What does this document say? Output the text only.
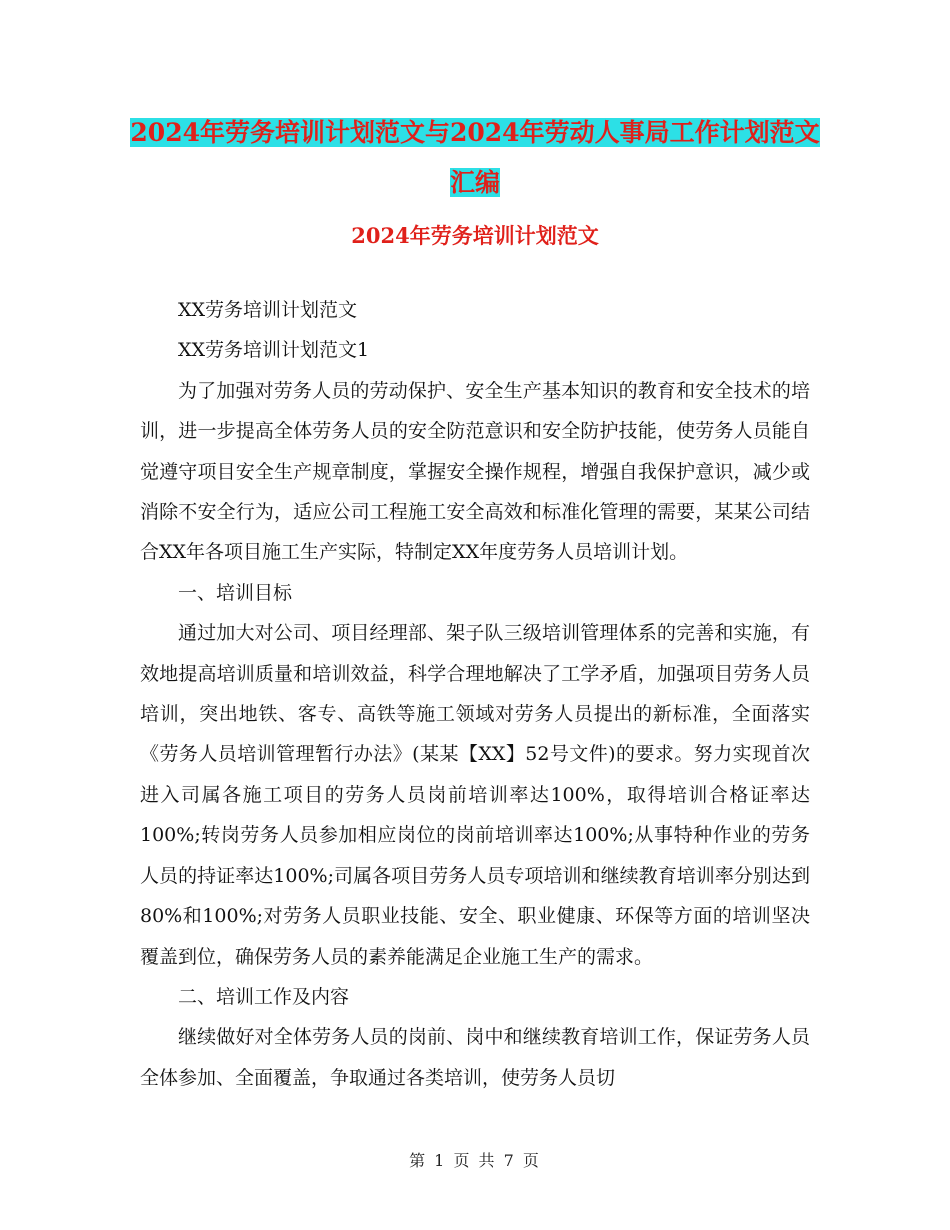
2024年劳务培训计划范文与2024年劳动人事局工作计划范文汇编
2024年劳务培训计划范文

XX劳务培训计划范文

XX劳务培训计划范文1

为了加强对劳务人员的劳动保护、安全生产基本知识的教育和安全技术的培训，进一步提高全体劳务人员的安全防范意识和安全防护技能，使劳务人员能自觉遵守项目安全生产规章制度，掌握安全操作规程，增强自我保护意识，减少或消除不安全行为，适应公司工程施工安全高效和标准化管理的需要，某某公司结合XX年各项目施工生产实际，特制定XX年度劳务人员培训计划。

一、培训目标

通过加大对公司、项目经理部、架子队三级培训管理体系的完善和实施，有效地提高培训质量和培训效益，科学合理地解决了工学矛盾，加强项目劳务人员培训，突出地铁、客专、高铁等施工领域对劳务人员提出的新标准，全面落实《劳务人员培训管理暂行办法》(某某【XX】52号文件)的要求。努力实现首次进入司属各施工项目的劳务人员岗前培训率达100%，取得培训合格证率达100%;转岗劳务人员参加相应岗位的岗前培训率达100%;从事特种作业的劳务人员的持证率达100%;司属各项目劳务人员专项培训和继续教育培训率分别达到80%和100%;对劳务人员职业技能、安全、职业健康、环保等方面的培训坚决覆盖到位，确保劳务人员的素养能满足企业施工生产的需求。

二、培训工作及内容

继续做好对全体劳务人员的岗前、岗中和继续教育培训工作，保证劳务人员全体参加、全面覆盖，争取通过各类培训，使劳务人员切

第 1 页 共 7 页
